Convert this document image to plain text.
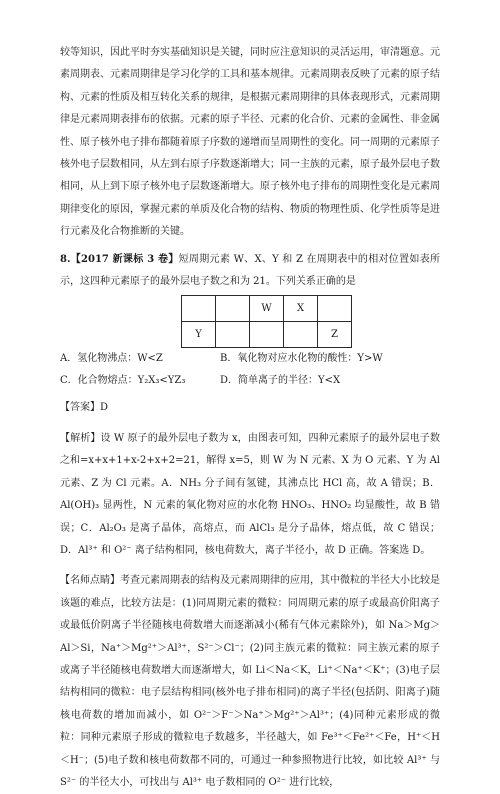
较等知识，因此平时夯实基础知识是关键，同时应注意知识的灵活运用，审清题意。元素周期表、元素周期律是学习化学的工具和基本规律。元素周期表反映了元素的原子结构、元素的性质及相互转化关系的规律，是根据元素周期律的具体表现形式，元素周期律是元素周期表排布的依据。元素的原子半径、元素的化合价、元素的金属性、非金属性、原子核外电子排布都随着原子序数的递增而呈周期性的变化。同一周期的元素原子核外电子层数相同，从左到右原子序数逐渐增大；同一主族的元素，原子最外层电子数相同，从上到下原子核外电子层数逐渐增大。原子核外电子排布的周期性变化是元素周期律变化的原因，掌握元素的单质及化合物的结构、物质的物理性质、化学性质等是进行元素及化合物推断的关键。

8.【2017 新课标 3 卷】短周期元素 W、X、Y 和 Z 在周期表中的相对位置如表所示，这四种元素原子的最外层电子数之和为 21。下列关系正确的是

		W	X	
Y				Z
A．氢化物沸点：W<Z	B．氧化物对应水化物的酸性：Y>W
C．化合物熔点：Y₂X₃<YZ₃	D．简单离子的半径：Y<X

【答案】D

【解析】设 W 原子的最外层电子数为 x，由图表可知，四种元素原子的最外层电子数之和=x+x+1+x-2+x+2=21，解得 x=5，则 W 为 N 元素、X 为 O 元素、Y 为 Al 元素、Z 为 Cl 元素。A．NH₃ 分子间有氢键，其沸点比 HCl 高，故 A 错误；B．Al(OH)₃ 显两性，N 元素的氧化物对应的水化物 HNO₃、HNO₂ 均显酸性，故 B 错误；C．Al₂O₃ 是离子晶体，高熔点，而 AlCl₃ 是分子晶体，熔点低，故 C 错误；D．Al³⁺ 和 O²⁻ 离子结构相同，核电荷数大，离子半径小，故 D 正确。答案选 D。

【名师点睛】考查元素周期表的结构及元素周期律的应用，其中微粒的半径大小比较是该题的难点，比较方法是：(1)同周期元素的微粒：同周期元素的原子或最高价阳离子或最低价阴离子半径随核电荷数增大而逐渐减小(稀有气体元素除外)，如 Na＞Mg＞Al＞Si，Na⁺＞Mg²⁺＞Al³⁺，S²⁻＞Cl⁻；(2)同主族元素的微粒：同主族元素的原子或离子半径随核电荷数增大而逐渐增大，如 Li＜Na＜K，Li⁺＜Na⁺＜K⁺；(3)电子层结构相同的微粒：电子层结构相同(核外电子排布相同)的离子半径(包括阴、阳离子)随核电荷数的增加而减小，如 O²⁻＞F⁻＞Na⁺＞Mg²⁺＞Al³⁺；(4)同种元素形成的微粒：同种元素原子形成的微粒电子数越多，半径越大，如 Fe³⁺＜Fe²⁺＜Fe，H⁺＜H＜H⁻；(5)电子数和核电荷数都不同的，可通过一种参照物进行比较，如比较 Al³⁺ 与 S²⁻ 的半径大小，可找出与 Al³⁺ 电子数相同的 O²⁻ 进行比较，
